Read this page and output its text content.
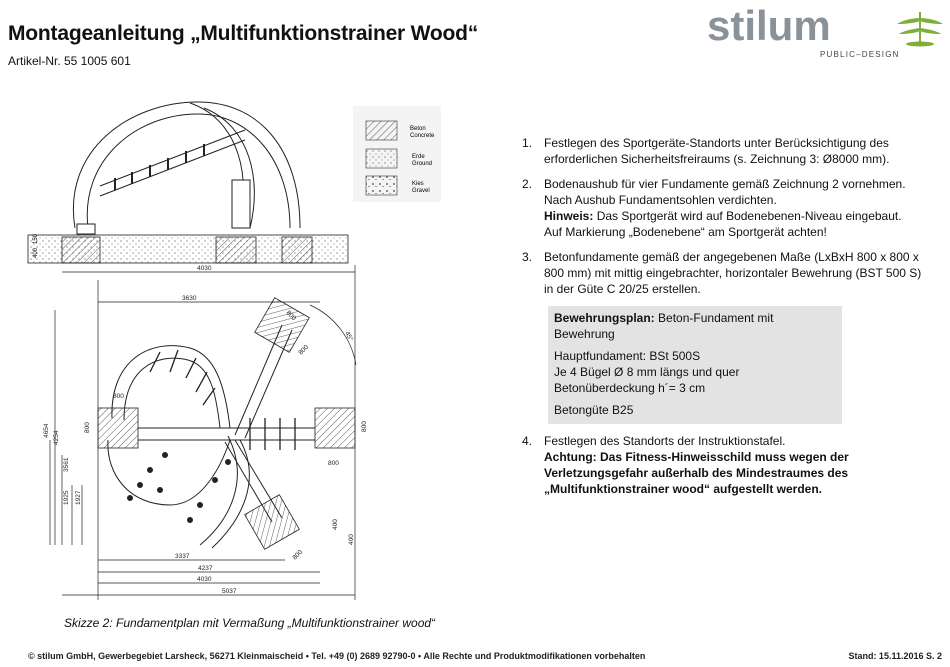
Montageanleitung „Multifunktionstrainer Wood“
Artikel-Nr. 55 1005 601
stilum
PUBLIC–DESIGN
Beton
Concrete
Erde
Ground
Kies
Gravel
400
150
4030
3630
45°
4654 4254
3561
1925 1927
3337
4237
4030
5037
800
800
800
800
800
800
400
400
Skizze 2: Fundamentplan mit Vermaßung „Multifunktionstrainer wood“
1. Festlegen des Sportgeräte-Standorts unter Berücksichtigung des erforderlichen Sicherheitsfreiraums (s. Zeichnung 3: Ø8000 mm).
2. Bodenaushub für vier Fundamente gemäß Zeichnung 2 vornehmen. Nach Aushub Fundamentsohlen verdichten.
Hinweis: Das Sportgerät wird auf Bodenebenen-Niveau eingebaut.
Auf Markierung „Bodenebene“ am Sportgerät achten!
3. Betonfundamente gemäß der angegebenen Maße (LxBxH 800 x 800 x 800 mm) mit mittig eingebrachter, horizontaler Bewehrung (BST 500 S) in der Güte C 20/25 erstellen.
Bewehrungsplan: Beton-Fundament mit Bewehrung
Hauptfundament: BSt 500S
Je 4 Bügel Ø 8 mm längs und quer
Betonüberdeckung h´= 3 cm
Betongüte B25
4. Festlegen des Standorts der Instruktionstafel.
Achtung: Das Fitness-Hinweisschild muss wegen der Verletzungsgefahr außerhalb des Mindestraumes des „Multifunktionstrainer wood“ aufgestellt werden.
© stilum GmbH, Gewerbegebiet Larsheck, 56271 Kleinmaischeid • Tel. +49 (0) 2689 92790-0 • Alle Rechte und Produktmodifikationen vorbehalten	Stand: 15.11.2016 S. 2
